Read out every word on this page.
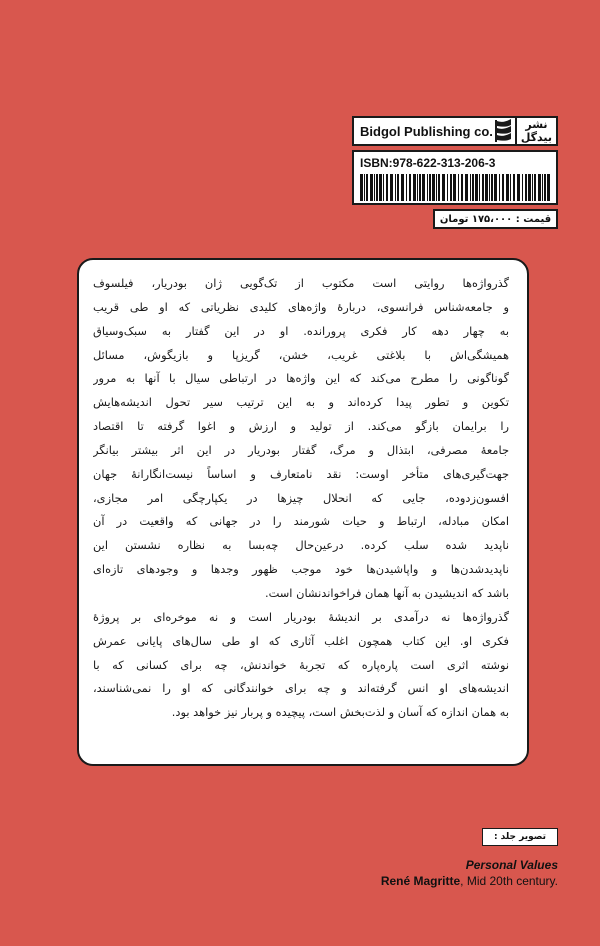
Bidgol Publishing co.	نشر بیدگل
ISBN:978-622-313-206-3
قیمت : ۱۷۵،۰۰۰ تومان
گذرواژه‌ها روایتی است مکتوب از تک‌گویی ژان بودریار، فیلسوف
و جامعه‌شناس فرانسوی، درباره‌ٔ واژه‌های کلیدی نظریاتی که او طی قریب
به چهار دهه کار فکری پرورانده. او در این گفتار به سبک‌وسیاق
همیشگی‌اش با بلاغتی غریب، خشن، گریزپا و بازیگوش، مسائل
گوناگونی را مطرح می‌کند که این واژه‌ها در ارتباطی سیال با آنها به مرور
تکوین و تطور پیدا کرده‌اند و به این ترتیب سیر تحول اندیشه‌هایش
را برایمان بازگو می‌کند. از تولید و ارزش و اغوا گرفته تا اقتصاد
جامعهٔ مصرفی، ابتذال و مرگ، گفتار بودریار در این اثر بیشتر بیانگر
جهت‌گیری‌های متأخر اوست: نقد نامتعارف و اساساً نیست‌انگارانهٔ جهان
افسون‌زدوده، جایی که انحلال چیزها در یکپارچگی امر مجازی،
امکان مبادله، ارتباط و حیات شورمند را در جهانی که واقعیت در آن
ناپدید شده سلب کرده. درعین‌حال چه‌بسا به نظاره نشستن این
ناپدیدشدن‌ها و واپاشیدن‌ها خود موجب ظهور وجدها و وجودهای تازه‌ای
باشد که اندیشیدن به آنها همان فراخواندنشان است.
گذرواژه‌ها نه درآمدی بر اندیشهٔ بودریار است و نه موخره‌ای بر پروژهٔ
فکری او. این کتاب همچون اغلب آثاری که او طی سال‌های پایانی عمرش
نوشته اثری است پاره‌پاره که تجربهٔ خواندنش، چه برای کسانی که با
اندیشه‌های او انس گرفته‌اند و چه برای خوانندگانی که او را نمی‌شناسند،
به همان اندازه که آسان و لذت‌بخش است، پیچیده و پربار نیز خواهد بود.
تصویر جلد :
Personal Values
René Magritte, Mid 20th century.
